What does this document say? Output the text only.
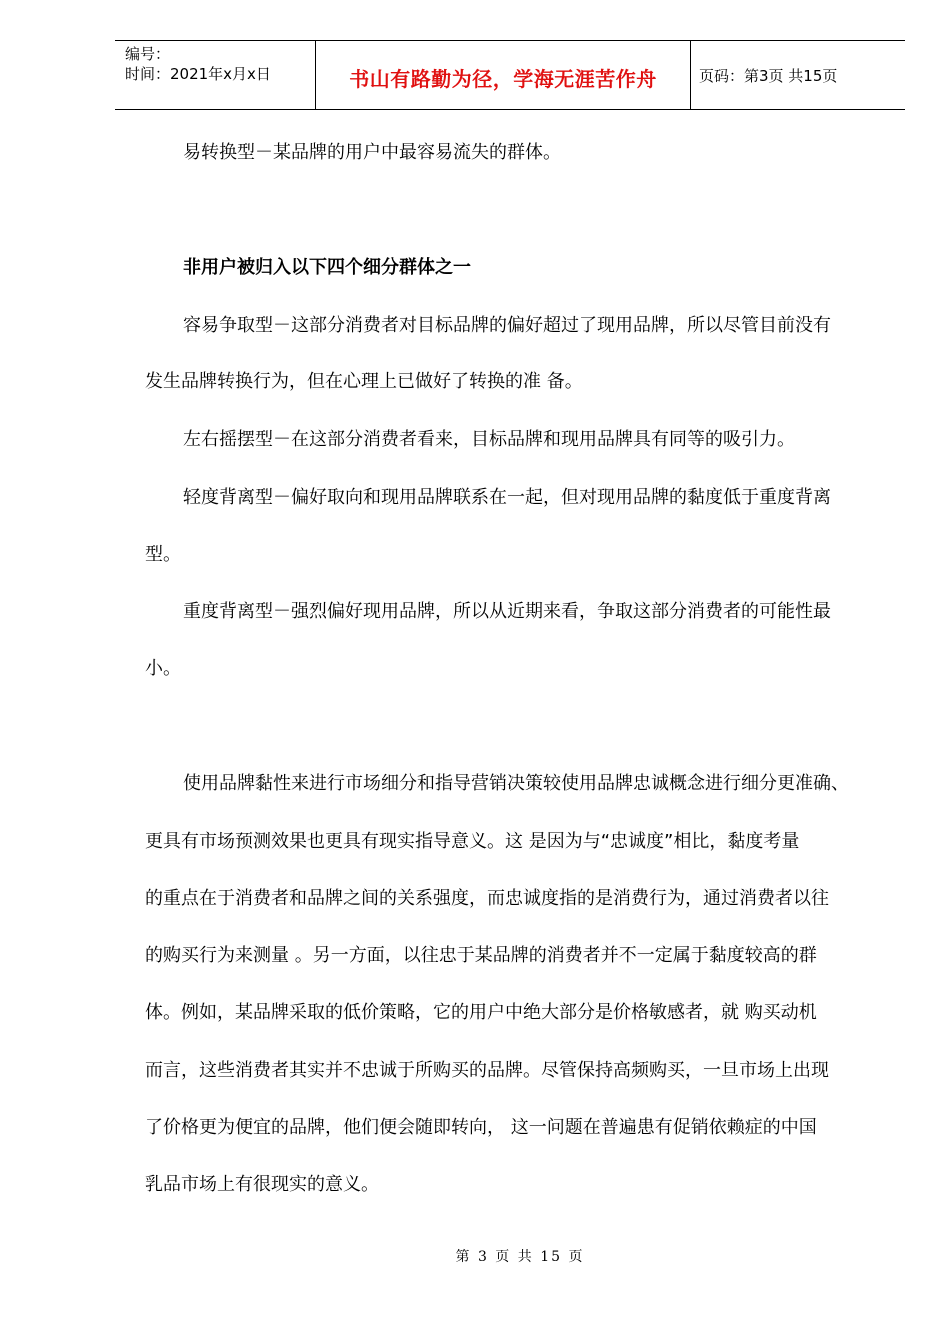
编号：
时间：2021年x月x日	书山有路勤为径，学海无涯苦作舟	页码：第3页 共15页
易转换型－某品牌的用户中最容易流失的群体。
非用户被归入以下四个细分群体之一
容易争取型－这部分消费者对目标品牌的偏好超过了现用品牌，所以尽管目前没有
发生品牌转换行为，但在心理上已做好了转换的准 备。
左右摇摆型－在这部分消费者看来，目标品牌和现用品牌具有同等的吸引力。
轻度背离型－偏好取向和现用品牌联系在一起，但对现用品牌的黏度低于重度背离
型。
重度背离型－强烈偏好现用品牌，所以从近期来看，争取这部分消费者的可能性最
小。
使用品牌黏性来进行市场细分和指导营销决策较使用品牌忠诚概念进行细分更准确、
更具有市场预测效果也更具有现实指导意义。这 是因为与“忠诚度”相比，黏度考量
的重点在于消费者和品牌之间的关系强度，而忠诚度指的是消费行为，通过消费者以往
的购买行为来测量 。另一方面，以往忠于某品牌的消费者并不一定属于黏度较高的群
体。例如，某品牌采取的低价策略，它的用户中绝大部分是价格敏感者，就 购买动机
而言，这些消费者其实并不忠诚于所购买的品牌。尽管保持高频购买，一旦市场上出现
了价格更为便宜的品牌，他们便会随即转向， 这一问题在普遍患有促销依赖症的中国
乳品市场上有很现实的意义。
第 3 页 共 15 页
